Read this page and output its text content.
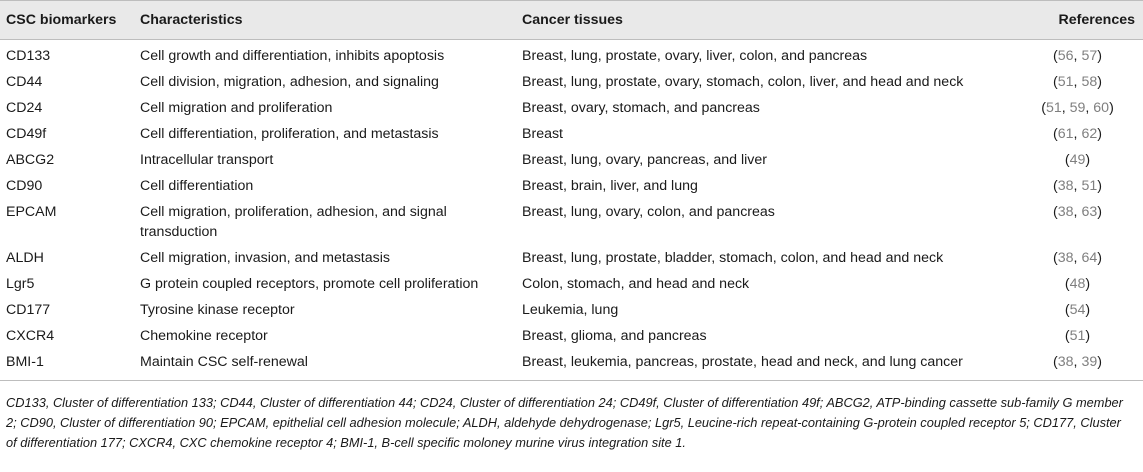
CSC biomarkers	Characteristics	Cancer tissues	References
CD133	Cell growth and differentiation, inhibits apoptosis	Breast, lung, prostate, ovary, liver, colon, and pancreas	(56, 57)
CD44	Cell division, migration, adhesion, and signaling	Breast, lung, prostate, ovary, stomach, colon, liver, and head and neck	(51, 58)
CD24	Cell migration and proliferation	Breast, ovary, stomach, and pancreas	(51, 59, 60)
CD49f	Cell differentiation, proliferation, and metastasis	Breast	(61, 62)
ABCG2	Intracellular transport	Breast, lung, ovary, pancreas, and liver	(49)
CD90	Cell differentiation	Breast, brain, liver, and lung	(38, 51)
EPCAM	Cell migration, proliferation, adhesion, and signal transduction	Breast, lung, ovary, colon, and pancreas	(38, 63)
ALDH	Cell migration, invasion, and metastasis	Breast, lung, prostate, bladder, stomach, colon, and head and neck	(38, 64)
Lgr5	G protein coupled receptors, promote cell proliferation	Colon, stomach, and head and neck	(48)
CD177	Tyrosine kinase receptor	Leukemia, lung	(54)
CXCR4	Chemokine receptor	Breast, glioma, and pancreas	(51)
BMI-1	Maintain CSC self-renewal	Breast, leukemia, pancreas, prostate, head and neck, and lung cancer	(38, 39)

CD133, Cluster of differentiation 133; CD44, Cluster of differentiation 44; CD24, Cluster of differentiation 24; CD49f, Cluster of differentiation 49f; ABCG2, ATP-binding cassette sub-family G member 2; CD90, Cluster of differentiation 90; EPCAM, epithelial cell adhesion molecule; ALDH, aldehyde dehydrogenase; Lgr5, Leucine-rich repeat-containing G-protein coupled receptor 5; CD177, Cluster of differentiation 177; CXCR4, CXC chemokine receptor 4; BMI-1, B-cell specific moloney murine virus integration site 1.
